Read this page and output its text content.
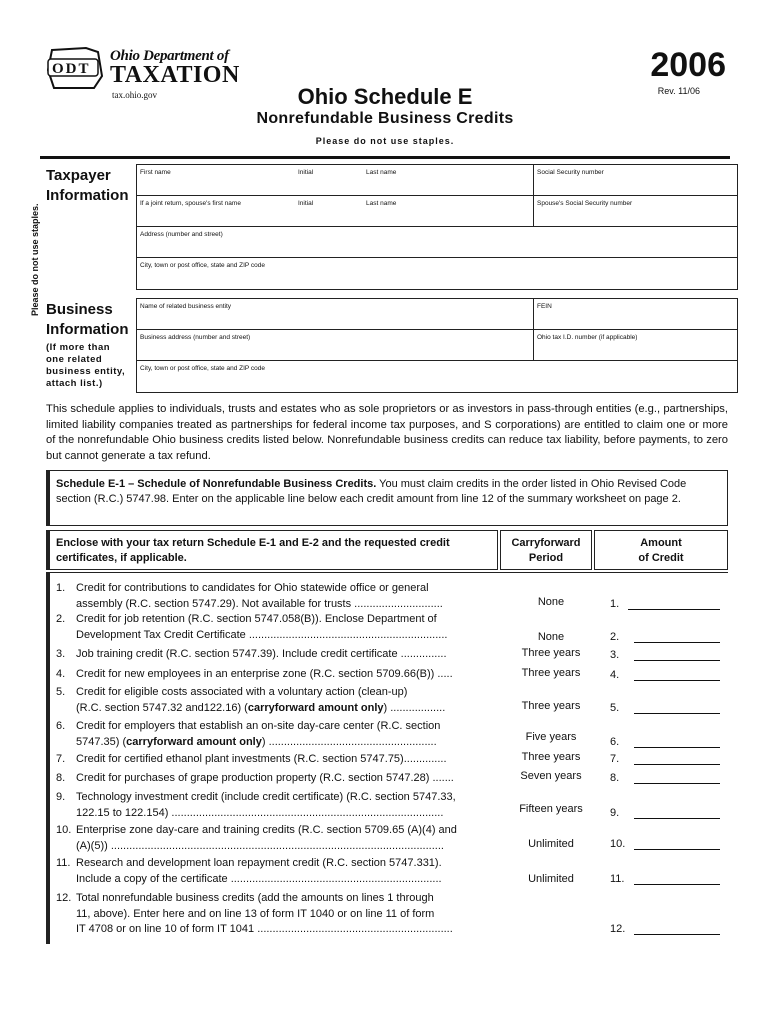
ODT
Ohio Department of
TAXATION
tax.ohio.gov
2006
Rev. 11/06
Ohio Schedule E
Nonrefundable Business Credits
Please do not use staples.
Please do not use staples.
Taxpayer
Information
First name	Initial	Last name	Social Security number
If a joint return, spouse's first name	Initial	Last name	Spouse's Social Security number
Address (number and street)
City, town or post office, state and ZIP code
Business
Information
(If more than
one related
business entity,
attach list.)
Name of related business entity	FEIN
Business address (number and street)	Ohio tax I.D. number (if applicable)
City, town or post office, state and ZIP code
This schedule applies to individuals, trusts and estates who as sole proprietors or as investors in pass-through entities (e.g., partnerships, limited liability companies treated as partnerships for federal income tax purposes, and S corporations) are entitled to claim one or more of the nonrefundable Ohio business credits listed below. Nonrefundable business credits can reduce tax liability, before payments, to zero but cannot generate a tax refund.
Schedule E-1 – Schedule of Nonrefundable Business Credits. You must claim credits in the order listed in Ohio Revised Code section (R.C.) 5747.98. Enter on the applicable line below each credit amount from line 12 of the summary worksheet on page 2.
Enclose with your tax return Schedule E-1 and E-2 and the requested credit certificates, if applicable.
Carryforward
Period
Amount
of Credit
1. Credit for contributions to candidates for Ohio statewide office or general
assembly (R.C. section 5747.29). Not available for trusts .............................	None	1.
2. Credit for job retention (R.C. section 5747.058(B)). Enclose Department of
Development Tax Credit Certificate .................................................................	None	2.
3. Job training credit (R.C. section 5747.39). Include credit certificate ...............	Three years	3.
4. Credit for new employees in an enterprise zone (R.C. section 5709.66(B)) .....	Three years	4.
5. Credit for eligible costs associated with a voluntary action (clean-up)
(R.C. section 5747.32 and122.16) (carryforward amount only) ..................	Three years	5.
6. Credit for employers that establish an on-site day-care center (R.C. section
5747.35) (carryforward amount only) .......................................................	Five years	6.
7. Credit for certified ethanol plant investments (R.C. section 5747.75)..............	Three years	7.
8. Credit for purchases of grape production property (R.C. section 5747.28) .......	Seven years	8.
9. Technology investment credit (include credit certificate) (R.C. section 5747.33,
122.15 to 122.154) .........................................................................................	Fifteen years	9.
10. Enterprise zone day-care and training credits (R.C. section 5709.65 (A)(4) and
(A)(5)) .............................................................................................................	Unlimited	10.
11. Research and development loan repayment credit (R.C. section 5747.331).
Include a copy of the certificate .....................................................................	Unlimited	11.
12. Total nonrefundable business credits (add the amounts on lines 1 through
11, above). Enter here and on line 13 of form IT 1040 or on line 11 of form
IT 4708 or on line 10 of form IT 1041 ................................................................	12.
